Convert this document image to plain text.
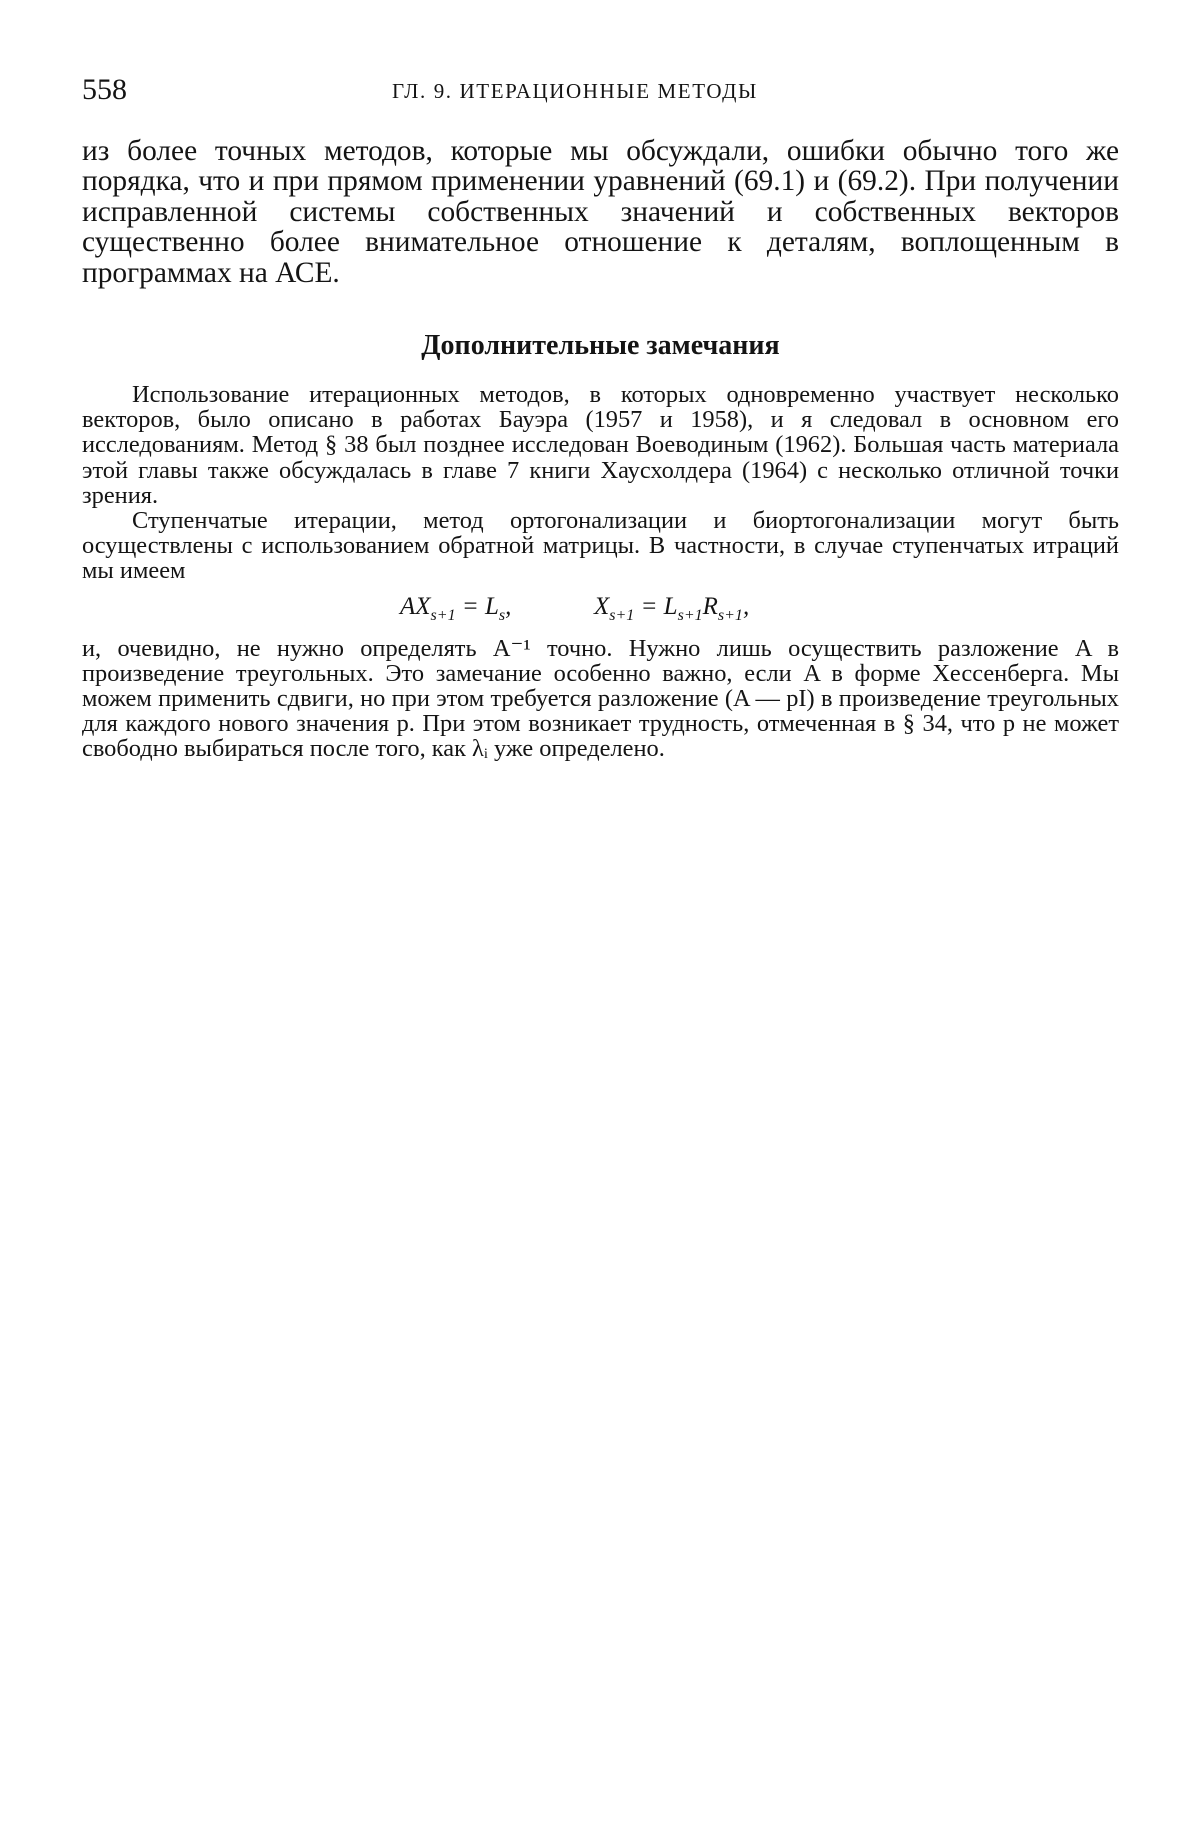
558	ГЛ. 9. ИТЕРАЦИОННЫЕ МЕТОДЫ

из более точных методов, которые мы обсуждали, ошибки обычно того же порядка, что и при прямом применении уравнений (69.1) и (69.2). При получении исправленной системы собственных значений и собственных векторов существенно более внимательное отношение к деталям, воплощенным в программах на АСЕ.

Дополнительные замечания

Использование итерационных методов, в которых одновременно участвует несколько векторов, было описано в работах Бауэра (1957 и 1958), и я следовал в основном его исследованиям. Метод § 38 был позднее исследован Воеводиным (1962). Большая часть материала этой главы также обсуждалась в главе 7 книги Хаусхолдера (1964) с несколько отличной точки зрения.

Ступенчатые итерации, метод ортогонализации и биортогонализации могут быть осуществлены с использованием обратной матрицы. В частности, в случае ступенчатых итраций мы имеем

$AX_{s+1} = L_s$,	$X_{s+1} = L_{s+1}R_{s+1}$,

и, очевидно, не нужно определять A⁻¹ точно. Нужно лишь осуществить разложение A в произведение треугольных. Это замечание особенно важно, если A в форме Хессенберга. Мы можем применить сдвиги, но при этом требуется разложение (A — pI) в произведение треугольных для каждого нового значения p. При этом возникает трудность, отмеченная в § 34, что p не может свободно выбираться после того, как λᵢ уже определено.
